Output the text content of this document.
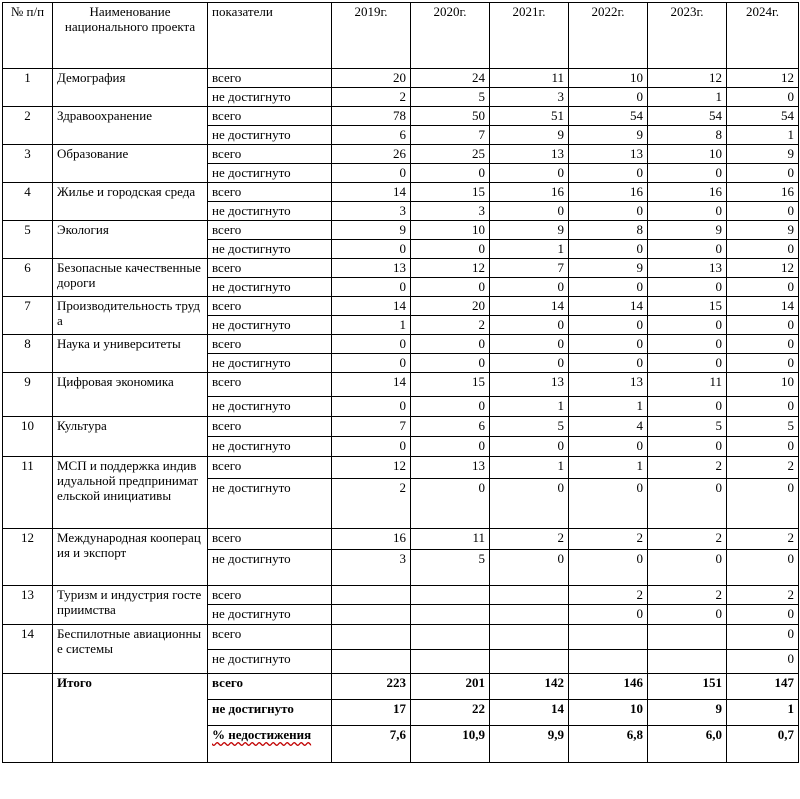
№ п/п	Наименование национального проекта	показатели	2019г.	2020г.	2021г.	2022г.	2023г.	2024г.
1	Демография	всего	20	24	11	10	12	12
		не достигнуто	2	5	3	0	1	0
2	Здравоохранение	всего	78	50	51	54	54	54
		не достигнуто	6	7	9	9	8	1
3	Образование	всего	26	25	13	13	10	9
		не достигнуто	0	0	0	0	0	0
4	Жилье и городская среда	всего	14	15	16	16	16	16
		не достигнуто	3	3	0	0	0	0
5	Экология	всего	9	10	9	8	9	9
		не достигнуто	0	0	1	0	0	0
6	Безопасные качественные дороги	всего	13	12	7	9	13	12
		не достигнуто	0	0	0	0	0	0
7	Производительность труда	всего	14	20	14	14	15	14
		не достигнуто	1	2	0	0	0	0
8	Наука и университеты	всего	0	0	0	0	0	0
		не достигнуто	0	0	0	0	0	0
9	Цифровая экономика	всего	14	15	13	13	11	10
		не достигнуто	0	0	1	1	0	0
10	Культура	всего	7	6	5	4	5	5
		не достигнуто	0	0	0	0	0	0
11	МСП и поддержка индивидуальной предпринимательской инициативы	всего	12	13	1	1	2	2
		не достигнуто	2	0	0	0	0	0
12	Международная кооперация и экспорт	всего	16	11	2	2	2	2
		не достигнуто	3	5	0	0	0	0
13	Туризм и индустрия гостеприимства	всего				2	2	2
		не достигнуто				0	0	0
14	Беспилотные авиационные системы	всего						0
		не достигнуто						0
	Итого	всего	223	201	142	146	151	147
		не достигнуто	17	22	14	10	9	1
		% недостижения	7,6	10,9	9,9	6,8	6,0	0,7
